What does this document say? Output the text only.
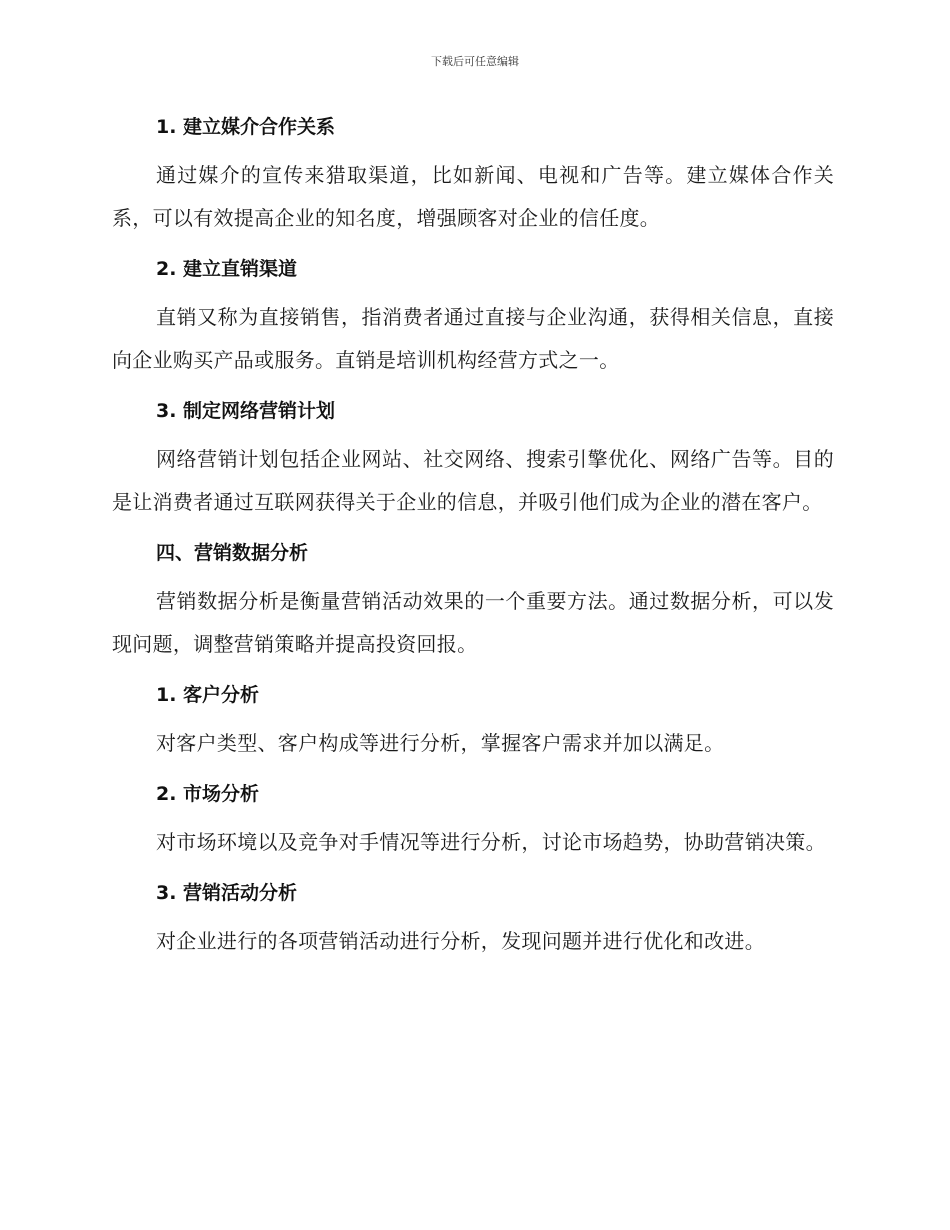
下载后可任意编辑
1. 建立媒介合作关系

通过媒介的宣传来猎取渠道，比如新闻、电视和广告等。建立媒体合作关系，可以有效提高企业的知名度，增强顾客对企业的信任度。

2. 建立直销渠道

直销又称为直接销售，指消费者通过直接与企业沟通，获得相关信息，直接向企业购买产品或服务。直销是培训机构经营方式之一。

3. 制定网络营销计划

网络营销计划包括企业网站、社交网络、搜索引擎优化、网络广告等。目的是让消费者通过互联网获得关于企业的信息，并吸引他们成为企业的潜在客户。

四、营销数据分析

营销数据分析是衡量营销活动效果的一个重要方法。通过数据分析，可以发现问题，调整营销策略并提高投资回报。

1. 客户分析

对客户类型、客户构成等进行分析，掌握客户需求并加以满足。

2. 市场分析

对市场环境以及竞争对手情况等进行分析，讨论市场趋势，协助营销决策。

3. 营销活动分析

对企业进行的各项营销活动进行分析，发现问题并进行优化和改进。
